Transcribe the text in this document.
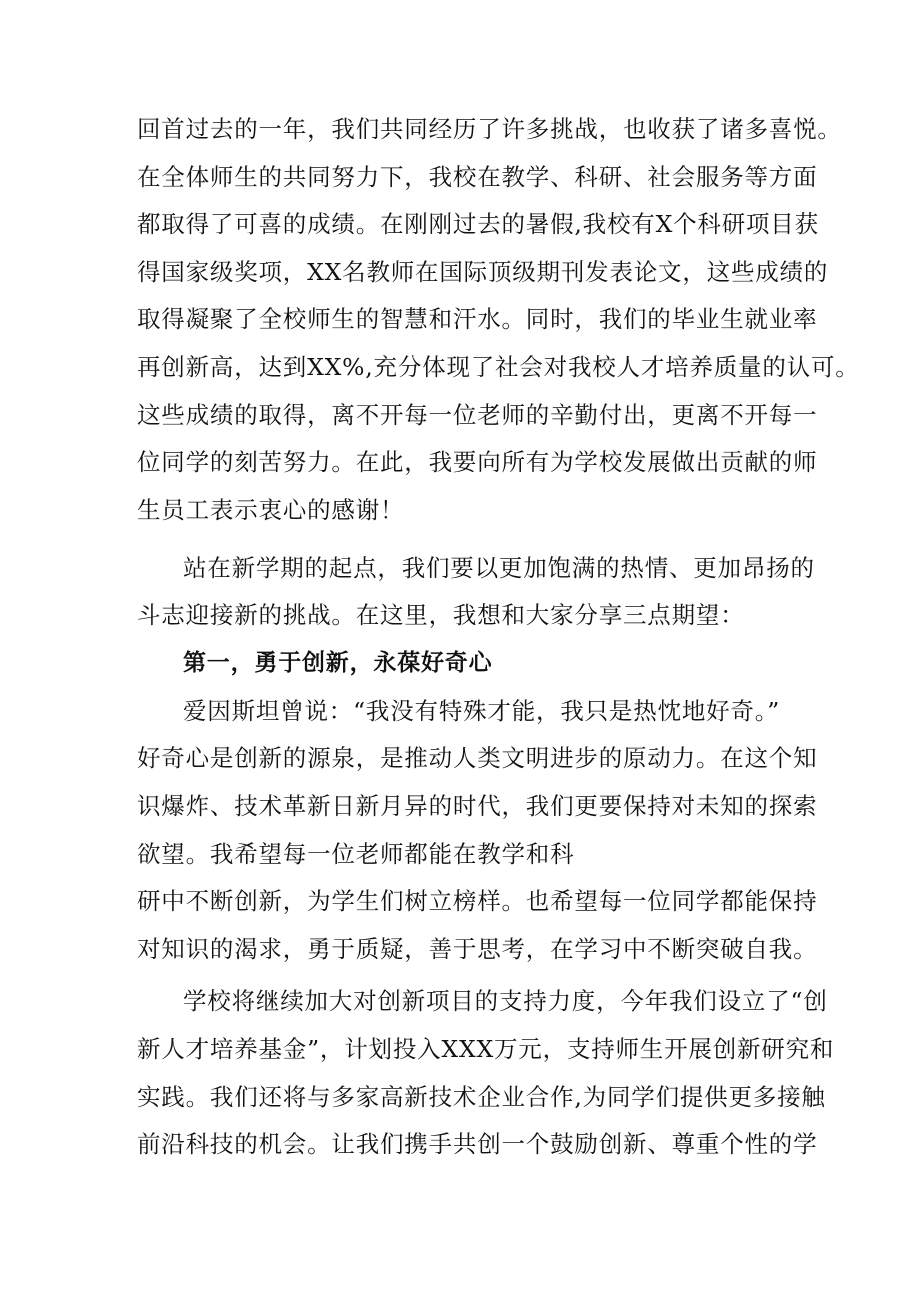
回首过去的一年，我们共同经历了许多挑战，也收获了诸多喜悦。
在全体师生的共同努力下，我校在教学、科研、社会服务等方面
都取得了可喜的成绩。在刚刚过去的暑假,我校有X个科研项目获
得国家级奖项，XX名教师在国际顶级期刊发表论文，这些成绩的
取得凝聚了全校师生的智慧和汗水。同时，我们的毕业生就业率
再创新高，达到XX%,充分体现了社会对我校人才培养质量的认可。
这些成绩的取得，离不开每一位老师的辛勤付出，更离不开每一
位同学的刻苦努力。在此，我要向所有为学校发展做出贡献的师
生员工表示衷心的感谢！
站在新学期的起点，我们要以更加饱满的热情、更加昂扬的
斗志迎接新的挑战。在这里，我想和大家分享三点期望：
第一，勇于创新，永葆好奇心
爱因斯坦曾说：“我没有特殊才能，我只是热忱地好奇。”
好奇心是创新的源泉，是推动人类文明进步的原动力。在这个知
识爆炸、技术革新日新月异的时代，我们更要保持对未知的探索
欲望。我希望每一位老师都能在教学和科
研中不断创新，为学生们树立榜样。也希望每一位同学都能保持
对知识的渴求，勇于质疑，善于思考，在学习中不断突破自我。
学校将继续加大对创新项目的支持力度，今年我们设立了“创
新人才培养基金”，计划投入XXX万元，支持师生开展创新研究和
实践。我们还将与多家高新技术企业合作,为同学们提供更多接触
前沿科技的机会。让我们携手共创一个鼓励创新、尊重个性的学
